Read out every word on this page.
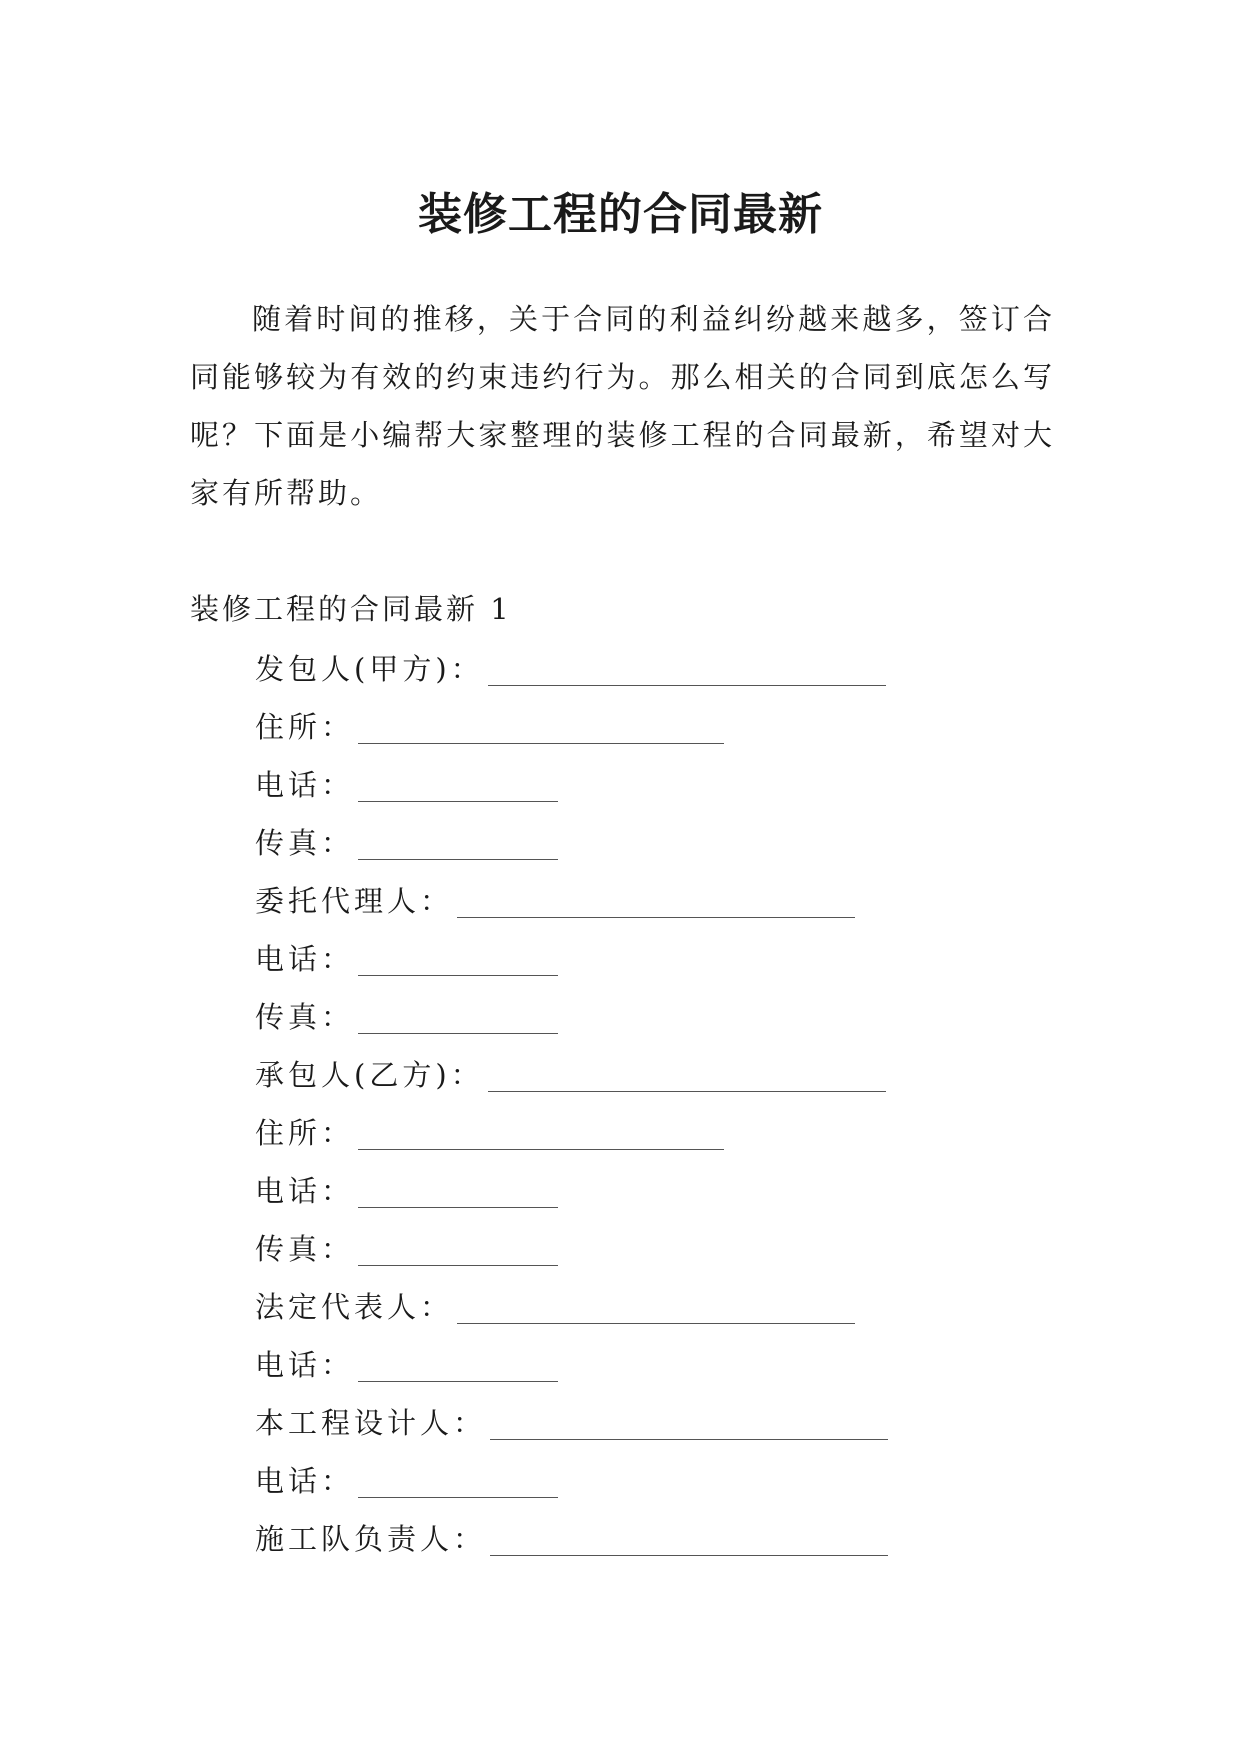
装修工程的合同最新

随着时间的推移，关于合同的利益纠纷越来越多，签订合同能够较为有效的约束违约行为。那么相关的合同到底怎么写呢？下面是小编帮大家整理的装修工程的合同最新，希望对大家有所帮助。

装修工程的合同最新 1

发包人(甲方)：
住所：
电话：
传真：
委托代理人：
电话：
传真：
承包人(乙方)：
住所：
电话：
传真：
法定代表人：
电话：
本工程设计人：
电话：
施工队负责人：
